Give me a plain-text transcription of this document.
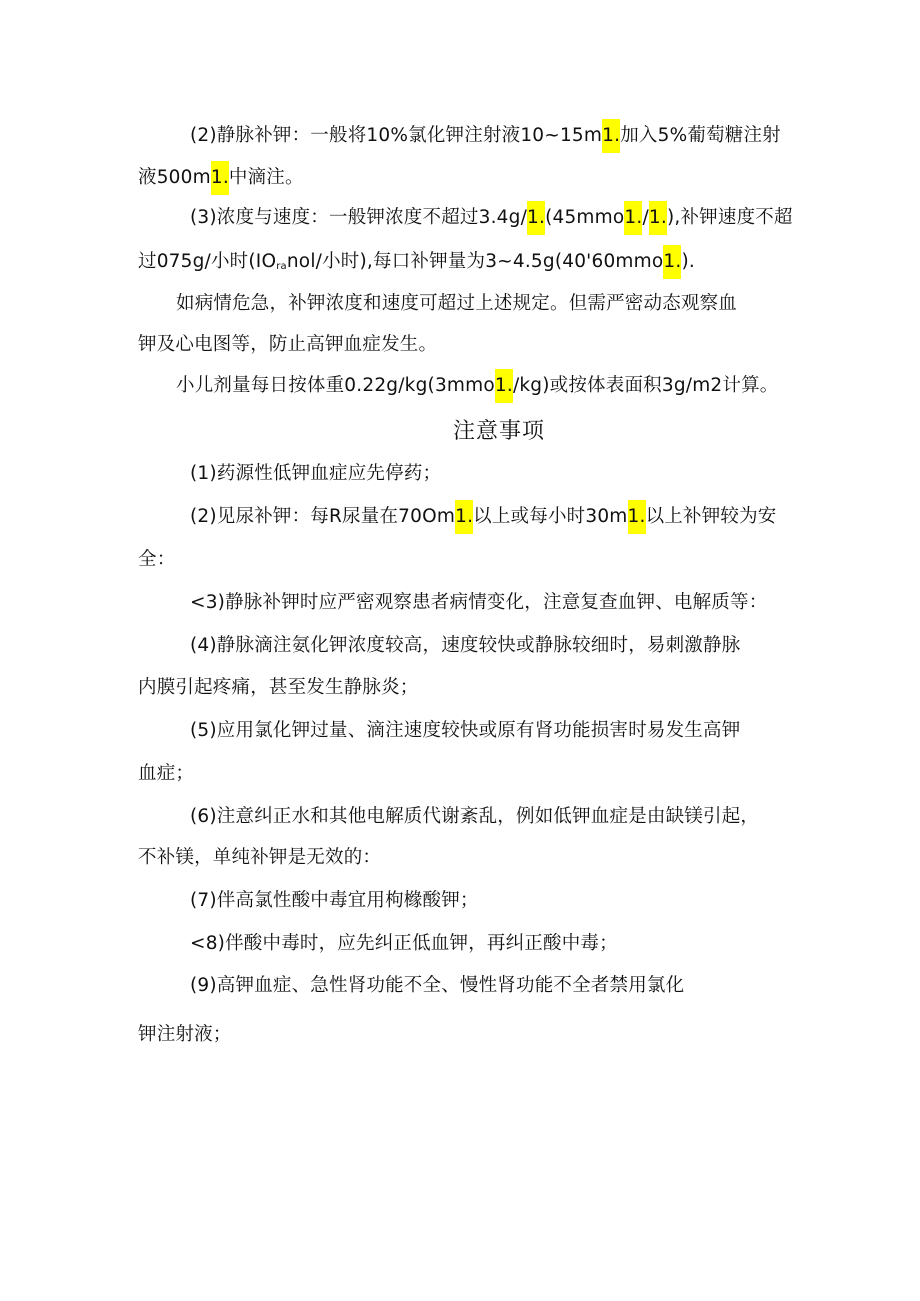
(2)静脉补钾：一般将10%氯化钾注射液10~15m1.加入5%葡萄糖注射
液500m1.中滴注。
(3)浓度与速度：一般钾浓度不超过3.4g/1.(45mmo1./1.),补钾速度不超
过075g/小时(IOranol/小时),每口补钾量为3~4.5g(40'60mmo1.).
如病情危急，补钾浓度和速度可超过上述规定。但需严密动态观察血
钾及心电图等，防止高钾血症发生。
小儿剂量每日按体重0.22g/kg(3mmo1./kg)或按体表面积3g∕m2计算。
注意事项
(1)药源性低钾血症应先停药；
(2)见尿补钾：每R尿量在70Om1.以上或每小时30m1.以上补钾较为安
全：
<3)静脉补钾时应严密观察患者病情变化，注意复查血钾、电解质等：
(4)静脉滴注氨化钾浓度较高，速度较快或静脉较细时，易刺激静脉
内膜引起疼痛，甚至发生静脉炎；
(5)应用氯化钾过量、滴注速度较快或原有肾功能损害时易发生高钾
血症；
(6)注意纠正水和其他电解质代谢紊乱，例如低钾血症是由缺镁引起，
不补镁，单纯补钾是无效的：
(7)伴高氯性酸中毒宜用枸橼酸钾；
<8)伴酸中毒时，应先纠正低血钾，再纠正酸中毒；
(9)高钾血症、急性肾功能不全、慢性肾功能不全者禁用氯化
钾注射液；
